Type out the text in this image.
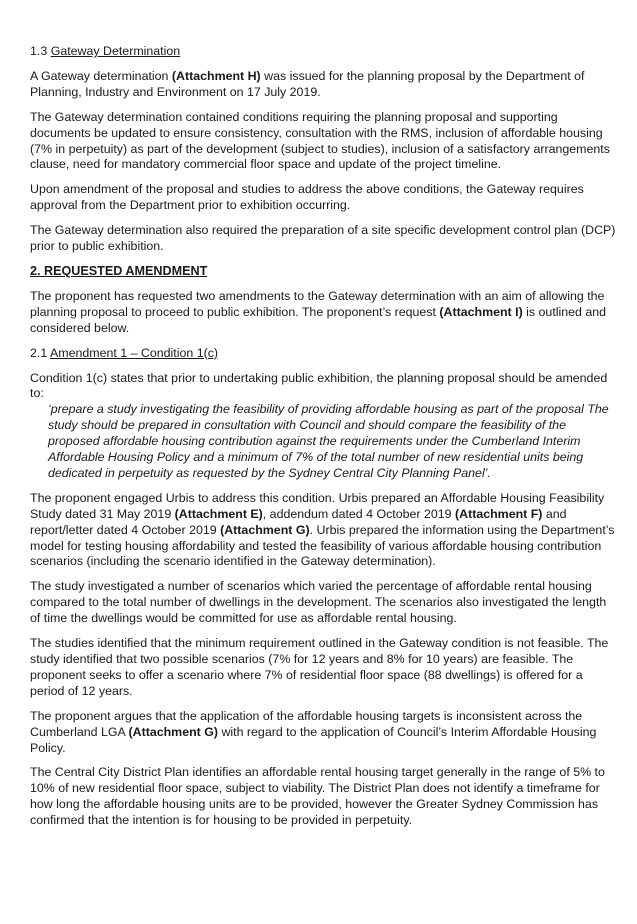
1.3 Gateway Determination

A Gateway determination (Attachment H) was issued for the planning proposal by the Department of Planning, Industry and Environment on 17 July 2019.

The Gateway determination contained conditions requiring the planning proposal and supporting documents be updated to ensure consistency, consultation with the RMS, inclusion of affordable housing (7% in perpetuity) as part of the development (subject to studies), inclusion of a satisfactory arrangements clause, need for mandatory commercial floor space and update of the project timeline.

Upon amendment of the proposal and studies to address the above conditions, the Gateway requires approval from the Department prior to exhibition occurring.

The Gateway determination also required the preparation of a site specific development control plan (DCP) prior to public exhibition.

2. REQUESTED AMENDMENT

The proponent has requested two amendments to the Gateway determination with an aim of allowing the planning proposal to proceed to public exhibition. The proponent’s request (Attachment I) is outlined and considered below.

2.1 Amendment 1 – Condition 1(c)

Condition 1(c) states that prior to undertaking public exhibition, the planning proposal should be amended to:

‘prepare a study investigating the feasibility of providing affordable housing as part of the proposal The study should be prepared in consultation with Council and should compare the feasibility of the proposed affordable housing contribution against the requirements under the Cumberland Interim Affordable Housing Policy and a minimum of 7% of the total number of new residential units being dedicated in perpetuity as requested by the Sydney Central City Planning Panel’.

The proponent engaged Urbis to address this condition. Urbis prepared an Affordable Housing Feasibility Study dated 31 May 2019 (Attachment E), addendum dated 4 October 2019 (Attachment F) and report/letter dated 4 October 2019 (Attachment G). Urbis prepared the information using the Department’s model for testing housing affordability and tested the feasibility of various affordable housing contribution scenarios (including the scenario identified in the Gateway determination).

The study investigated a number of scenarios which varied the percentage of affordable rental housing compared to the total number of dwellings in the development. The scenarios also investigated the length of time the dwellings would be committed for use as affordable rental housing.

The studies identified that the minimum requirement outlined in the Gateway condition is not feasible. The study identified that two possible scenarios (7% for 12 years and 8% for 10 years) are feasible. The proponent seeks to offer a scenario where 7% of residential floor space (88 dwellings) is offered for a period of 12 years.

The proponent argues that the application of the affordable housing targets is inconsistent across the Cumberland LGA (Attachment G) with regard to the application of Council’s Interim Affordable Housing Policy.

The Central City District Plan identifies an affordable rental housing target generally in the range of 5% to 10% of new residential floor space, subject to viability. The District Plan does not identify a timeframe for how long the affordable housing units are to be provided, however the Greater Sydney Commission has confirmed that the intention is for housing to be provided in perpetuity.
